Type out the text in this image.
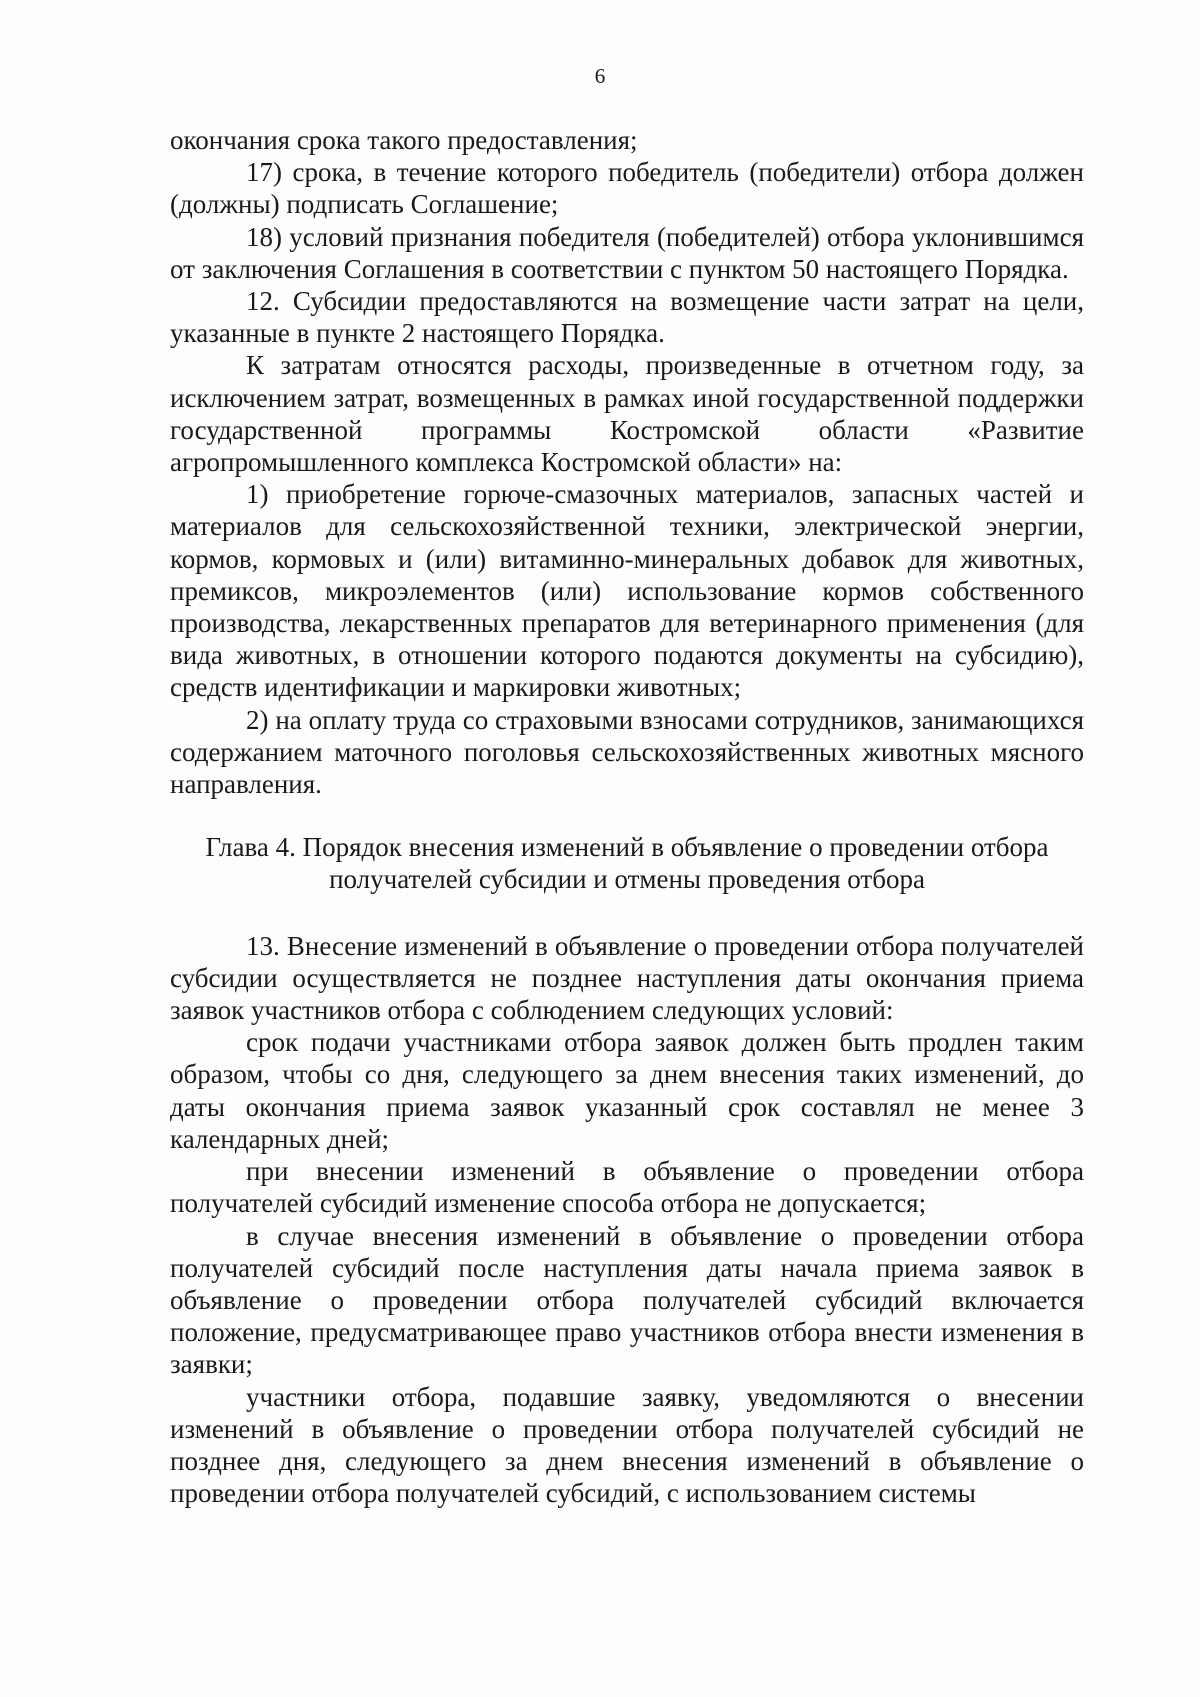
6

окончания срока такого предоставления;

17) срока, в течение которого победитель (победители) отбора должен (должны) подписать Соглашение;

18) условий признания победителя (победителей) отбора уклонившимся от заключения Соглашения в соответствии с пунктом 50 настоящего Порядка.

12. Субсидии предоставляются на возмещение части затрат на цели, указанные в пункте 2 настоящего Порядка.

К затратам относятся расходы, произведенные в отчетном году, за исключением затрат, возмещенных в рамках иной государственной поддержки государственной программы Костромской области «Развитие агропромышленного комплекса Костромской области» на:

1) приобретение горюче-смазочных материалов, запасных частей и материалов для сельскохозяйственной техники, электрической энергии, кормов, кормовых и (или) витаминно-минеральных добавок для животных, премиксов, микроэлементов (или) использование кормов собственного производства, лекарственных препаратов для ветеринарного применения (для вида животных, в отношении которого подаются документы на субсидию), средств идентификации и маркировки животных;

2) на оплату труда со страховыми взносами сотрудников, занимающихся содержанием маточного поголовья сельскохозяйственных животных мясного направления.

Глава 4. Порядок внесения изменений в объявление о проведении отбора
получателей субсидии и отмены проведения отбора

13. Внесение изменений в объявление о проведении отбора получателей субсидии осуществляется не позднее наступления даты окончания приема заявок участников отбора с соблюдением следующих условий:

срок подачи участниками отбора заявок должен быть продлен таким образом, чтобы со дня, следующего за днем внесения таких изменений, до даты окончания приема заявок указанный срок составлял не менее 3 календарных дней;

при внесении изменений в объявление о проведении отбора получателей субсидий изменение способа отбора не допускается;

в случае внесения изменений в объявление о проведении отбора получателей субсидий после наступления даты начала приема заявок в объявление о проведении отбора получателей субсидий включается положение, предусматривающее право участников отбора внести изменения в заявки;

участники отбора, подавшие заявку, уведомляются о внесении изменений в объявление о проведении отбора получателей субсидий не позднее дня, следующего за днем внесения изменений в объявление о проведении отбора получателей субсидий, с использованием системы
